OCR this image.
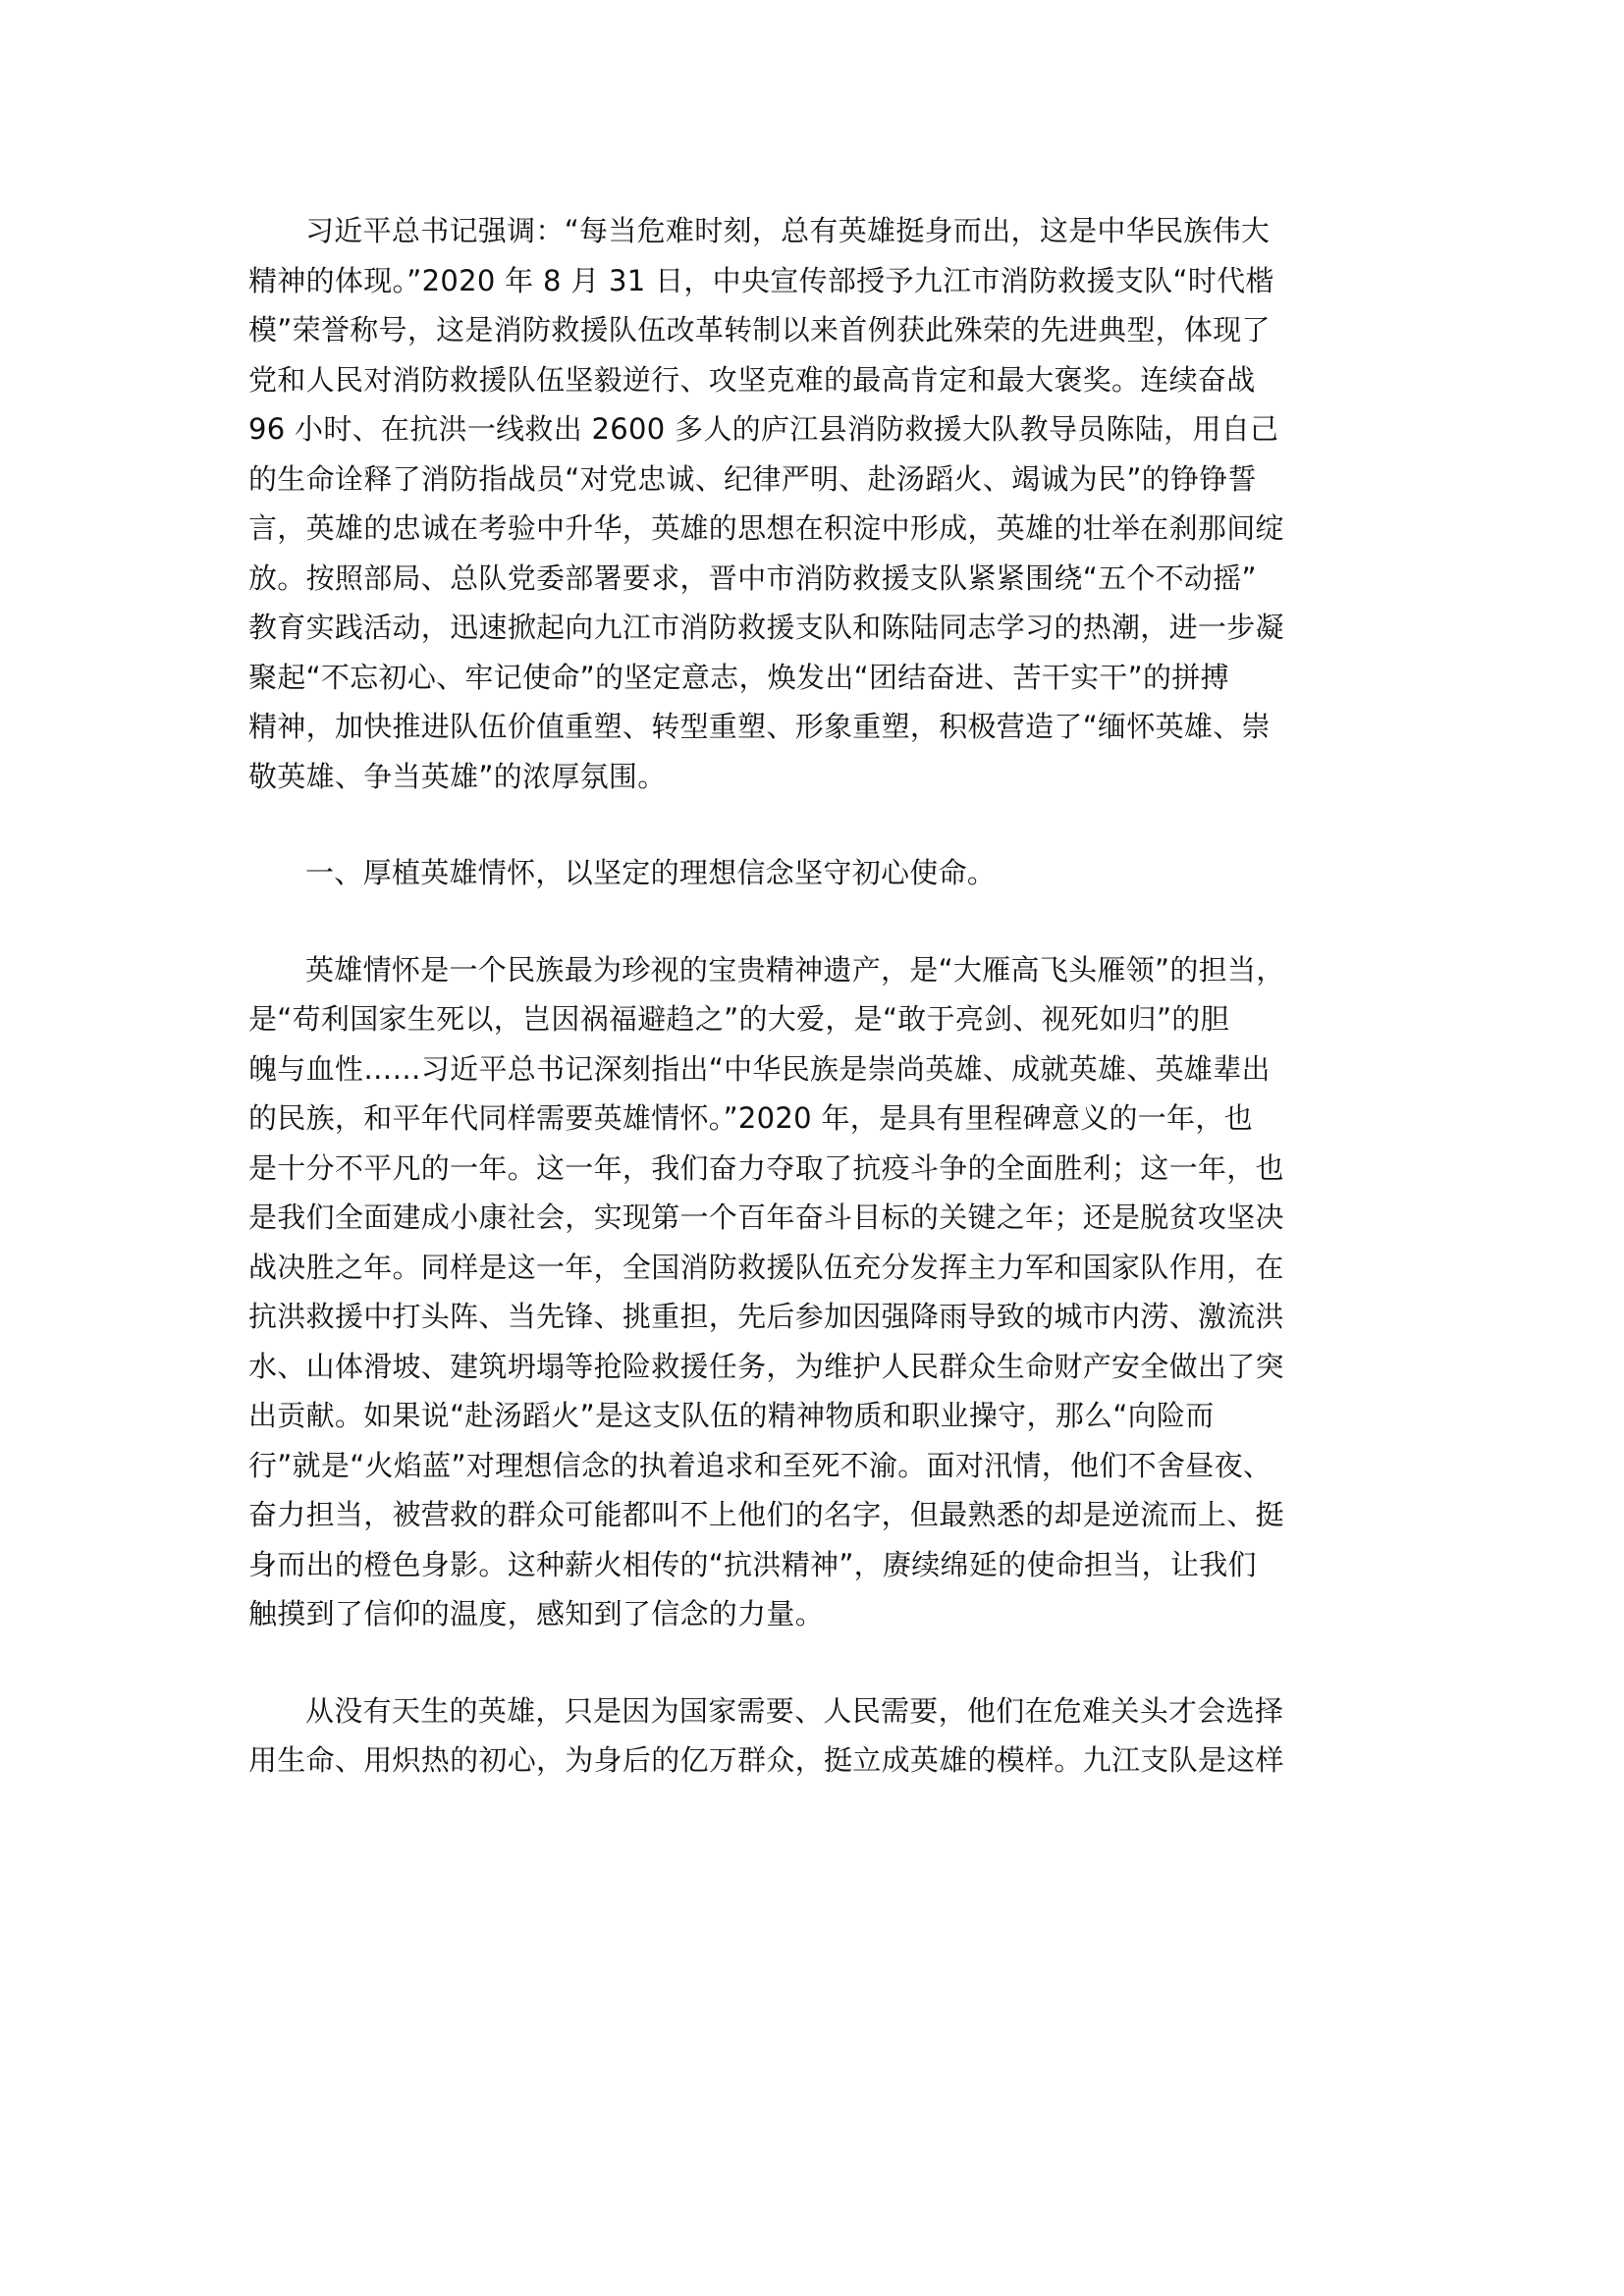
习近平总书记强调：“每当危难时刻，总有英雄挺身而出，这是中华民族伟大
精神的体现。”2020 年 8 月 31 日，中央宣传部授予九江市消防救援支队“时代楷
模”荣誉称号，这是消防救援队伍改革转制以来首例获此殊荣的先进典型，体现了
党和人民对消防救援队伍坚毅逆行、攻坚克难的最高肯定和最大褒奖。连续奋战
96 小时、在抗洪一线救出 2600 多人的庐江县消防救援大队教导员陈陆，用自己
的生命诠释了消防指战员“对党忠诚、纪律严明、赴汤蹈火、竭诚为民”的铮铮誓
言，英雄的忠诚在考验中升华，英雄的思想在积淀中形成，英雄的壮举在刹那间绽
放。按照部局、总队党委部署要求，晋中市消防救援支队紧紧围绕“五个不动摇”
教育实践活动，迅速掀起向九江市消防救援支队和陈陆同志学习的热潮，进一步凝
聚起“不忘初心、牢记使命”的坚定意志，焕发出“团结奋进、苦干实干”的拼搏
精神，加快推进队伍价值重塑、转型重塑、形象重塑，积极营造了“缅怀英雄、崇
敬英雄、争当英雄”的浓厚氛围。
一、厚植英雄情怀，以坚定的理想信念坚守初心使命。
英雄情怀是一个民族最为珍视的宝贵精神遗产，是“大雁高飞头雁领”的担当，
是“苟利国家生死以，岂因祸福避趋之”的大爱，是“敢于亮剑、视死如归”的胆
魄与血性……习近平总书记深刻指出“中华民族是崇尚英雄、成就英雄、英雄辈出
的民族，和平年代同样需要英雄情怀。”2020 年，是具有里程碑意义的一年，也
是十分不平凡的一年。这一年，我们奋力夺取了抗疫斗争的全面胜利；这一年，也
是我们全面建成小康社会，实现第一个百年奋斗目标的关键之年；还是脱贫攻坚决
战决胜之年。同样是这一年，全国消防救援队伍充分发挥主力军和国家队作用，在
抗洪救援中打头阵、当先锋、挑重担，先后参加因强降雨导致的城市内涝、激流洪
水、山体滑坡、建筑坍塌等抢险救援任务，为维护人民群众生命财产安全做出了突
出贡献。如果说“赴汤蹈火”是这支队伍的精神物质和职业操守，那么“向险而
行”就是“火焰蓝”对理想信念的执着追求和至死不渝。面对汛情，他们不舍昼夜、
奋力担当，被营救的群众可能都叫不上他们的名字，但最熟悉的却是逆流而上、挺
身而出的橙色身影。这种薪火相传的“抗洪精神”，赓续绵延的使命担当，让我们
触摸到了信仰的温度，感知到了信念的力量。
从没有天生的英雄，只是因为国家需要、人民需要，他们在危难关头才会选择
用生命、用炽热的初心，为身后的亿万群众，挺立成英雄的模样。九江支队是这样
